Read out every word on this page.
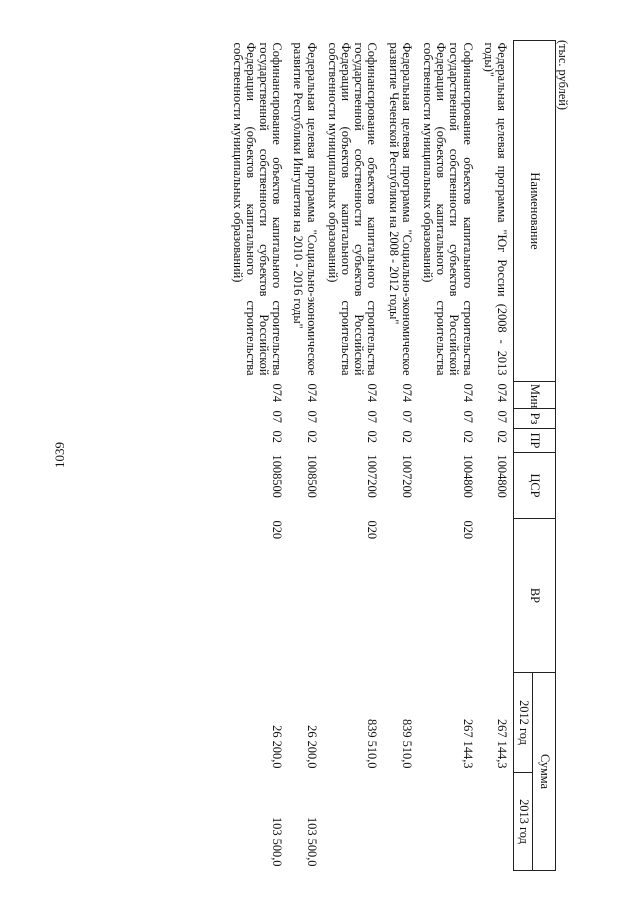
1039
(тыс. рублей)
Наименование	Мин	Рз	ПР	ЦСР	ВР	Сумма	
						2012 год	2013 год
Федеральная целевая программа "Юг России (2008 - 2013 годы)"	074	07	02	1004800		267 144,3	
Софинансирование объектов капитального строительства государственной собственности субъектов Российской Федерации (объектов капитального строительства собственности муниципальных образований)	074	07	02	1004800	020	267 144,3	
Федеральная целевая программа "Социально-экономическое развитие Чеченской Республики на 2008 - 2012 годы"	074	07	02	1007200		839 510,0	
Софинансирование объектов капитального строительства государственной собственности субъектов Российской Федерации (объектов капитального строительства собственности муниципальных образований)	074	07	02	1007200	020	839 510,0	
Федеральная целевая программа "Социально-экономическое развитие Республики Ингушетия на 2010 - 2016 годы"	074	07	02	1008500		26 200,0	103 500,0
Софинансирование объектов капитального строительства государственной собственности субъектов Российской Федерации (объектов капитального строительства собственности муниципальных образований)	074	07	02	1008500	020	26 200,0	103 500,0
